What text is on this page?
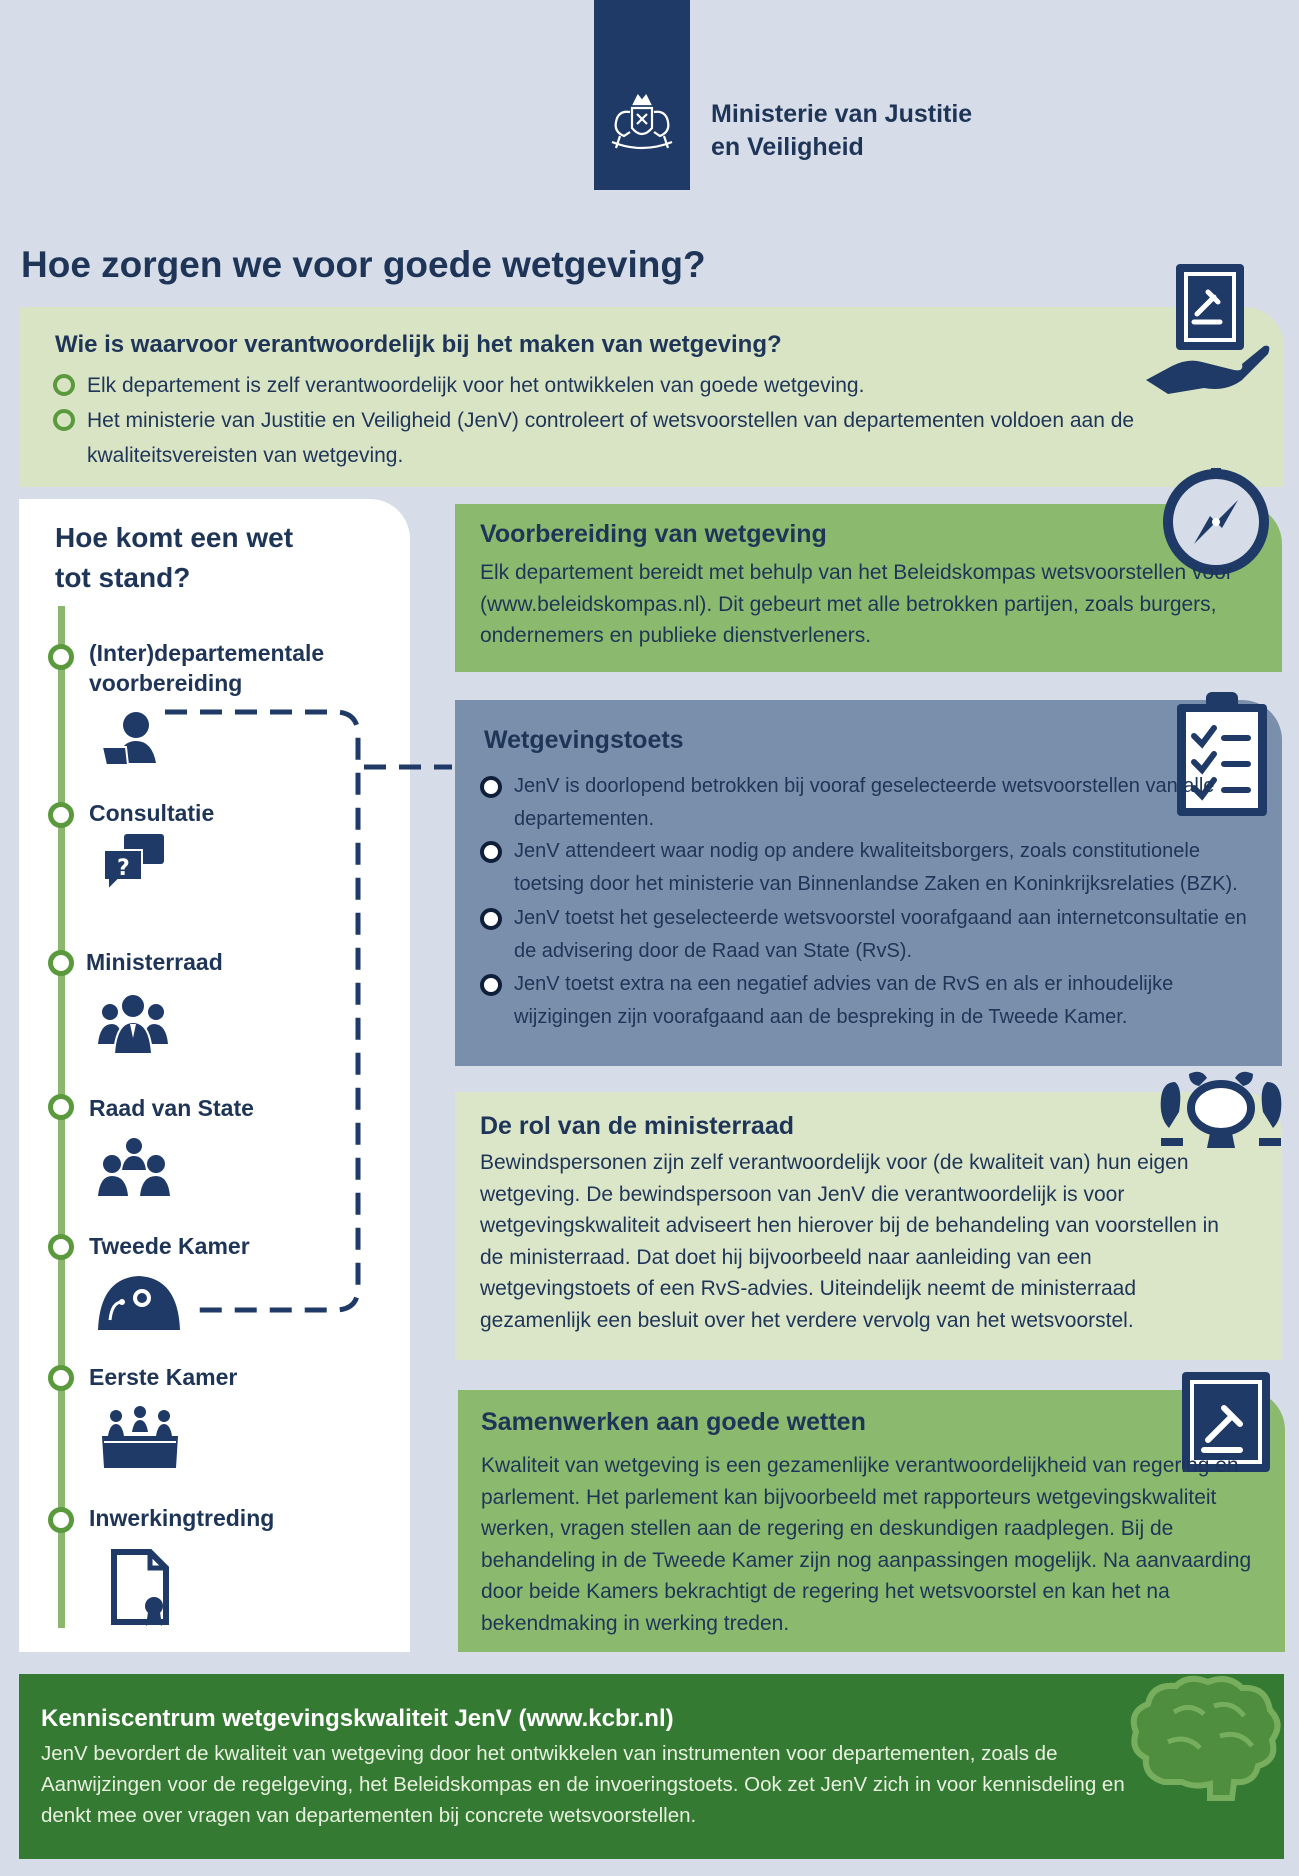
Ministerie van Justitie
en Veiligheid
Hoe zorgen we voor goede wetgeving?
Wie is waarvoor verantwoordelijk bij het maken van wetgeving?
Elk departement is zelf verantwoordelijk voor het ontwikkelen van goede wetgeving.
Het ministerie van Justitie en Veiligheid (JenV) controleert of wetsvoorstellen van departementen voldoen aan de kwaliteitsvereisten van wetgeving.
Hoe komt een wet
tot stand?
(Inter)departementale voorbereiding
Consultatie
?
Ministerraad
Raad van State
Tweede Kamer
Eerste Kamer
Inwerkingtreding
Voorbereiding van wetgeving
Elk departement bereidt met behulp van het Beleidskompas wetsvoorstellen voor (www.beleidskompas.nl). Dit gebeurt met alle betrokken partijen, zoals burgers, ondernemers en publieke dienstverleners.
Wetgevingstoets
JenV is doorlopend betrokken bij vooraf geselecteerde wetsvoorstellen van alle departementen.
JenV attendeert waar nodig op andere kwaliteitsborgers, zoals constitutionele toetsing door het ministerie van Binnenlandse Zaken en Koninkrijksrelaties (BZK).
JenV toetst het geselecteerde wetsvoorstel voorafgaand aan internetconsultatie en de advisering door de Raad van State (RvS).
JenV toetst extra na een negatief advies van de RvS en als er inhoudelijke wijzigingen zijn voorafgaand aan de bespreking in de Tweede Kamer.
De rol van de ministerraad
Bewindspersonen zijn zelf verantwoordelijk voor (de kwaliteit van) hun eigen wetgeving. De bewindspersoon van JenV die verantwoordelijk is voor wetgevingskwaliteit adviseert hen hierover bij de behandeling van voorstellen in de ministerraad. Dat doet hij bijvoorbeeld naar aanleiding van een wetgevingstoets of een RvS-advies. Uiteindelijk neemt de ministerraad gezamenlijk een besluit over het verdere vervolg van het wetsvoorstel.
Samenwerken aan goede wetten
Kwaliteit van wetgeving is een gezamenlijke verantwoordelijkheid van regering én parlement. Het parlement kan bijvoorbeeld met rapporteurs wetgevingskwaliteit werken, vragen stellen aan de regering en deskundigen raadplegen. Bij de behandeling in de Tweede Kamer zijn nog aanpassingen mogelijk. Na aanvaarding door beide Kamers bekrachtigt de regering het wetsvoorstel en kan het na bekendmaking in werking treden.
Kenniscentrum wetgevingskwaliteit JenV (www.kcbr.nl)
JenV bevordert de kwaliteit van wetgeving door het ontwikkelen van instrumenten voor departementen, zoals de Aanwijzingen voor de regelgeving, het Beleidskompas en de invoeringstoets. Ook zet JenV zich in voor kennisdeling en denkt mee over vragen van departementen bij concrete wetsvoorstellen.
